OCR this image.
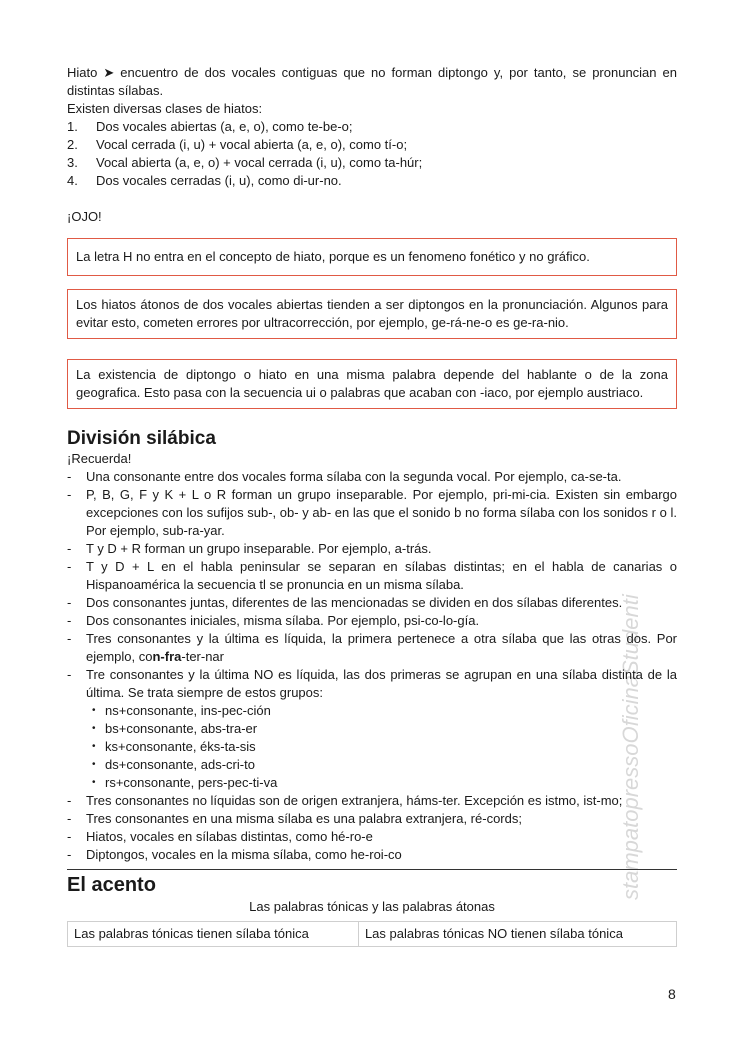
stampatopressoOficinaStudenti

Hiato ➤ encuentro de dos vocales contiguas que no forman diptongo y, por tanto, se pronuncian en distintas sílabas.

Existen diversas clases de hiatos:

1.	Dos vocales abiertas (a, e, o), como te-be-o;
2.	Vocal cerrada (i, u) + vocal abierta (a, e, o), como tí-o;
3.	Vocal abierta (a, e, o) + vocal cerrada (i, u), como ta-húr;
4.	Dos vocales cerradas (i, u), como di-ur-no.

¡OJO!

La letra H no entra en el concepto de hiato, porque es un fenomeno fonético y no gráfico.
Los hiatos átonos de dos vocales abiertas tienden a ser diptongos en la pronunciación. Algunos para evitar esto, cometen errores por ultracorrección, por ejemplo, ge-rá-ne-o es ge-ra-nio.
La existencia de diptongo o hiato en una misma palabra depende del hablante o de la zona geografica. Esto pasa con la secuencia ui o palabras que acaban con -iaco, por ejemplo austriaco.
División silábica

¡Recuerda!

-	Una consonante entre dos vocales forma sílaba con la segunda vocal. Por ejemplo, ca-se-ta.
-	P, B, G, F y K + L o R forman un grupo inseparable. Por ejemplo, pri-mi-cia. Existen sin embargo excepciones con los sufijos sub-, ob- y ab- en las que el sonido b no forma sílaba con los sonidos r o l. Por ejemplo, sub-ra-yar.
-	T y D + R forman un grupo inseparable. Por ejemplo, a-trás.
-	T y D + L en el habla peninsular se separan en sílabas distintas; en el habla de canarias o Hispanoamérica la secuencia tl se pronuncia en un misma sílaba.
-	Dos consonantes juntas, diferentes de las mencionadas se dividen en dos sílabas diferentes.
-	Dos consonantes iniciales, misma sílaba. Por ejemplo, psi-co-lo-gía.
-	Tres consonantes y la última es líquida, la primera pertenece a otra sílaba que las otras dos. Por ejemplo, con-fra-ter-nar
-	Tre consonantes y la última NO es líquida, las dos primeras se agrupan en una sílaba distinta de la última. Se trata siempre de estos grupos:
• ns+consonante, ins-pec-ción
• bs+consonante, abs-tra-er
• ks+consonante, éks-ta-sis
• ds+consonante, ads-cri-to
• rs+consonante, pers-pec-ti-va
-	Tres consonantes no líquidas son de origen extranjera, háms-ter. Excepción es istmo, ist-mo;
-	Tres consonantes en una misma sílaba es una palabra extranjera, ré-cords;
-	Hiatos, vocales en sílabas distintas, como hé-ro-e
-	Diptongos, vocales en la misma sílaba, como he-roi-co
El acento

Las palabras tónicas y las palabras átonas

Las palabras tónicas tienen sílaba tónica	Las palabras tónicas NO tienen sílaba tónica
8
